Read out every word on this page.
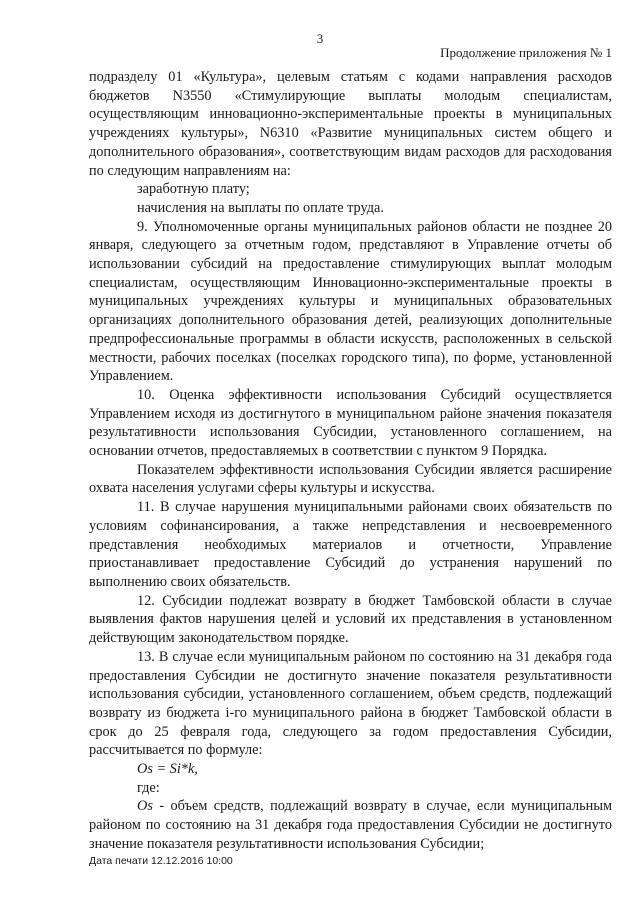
3
Продолжение приложения № 1

подразделу 01 «Культура», целевым статьям с кодами направления расходов бюджетов N3550 «Стимулирующие выплаты молодым специалистам, осуществляющим инновационно-экспериментальные проекты в муниципальных учреждениях культуры», N6310 «Развитие муниципальных систем общего и дополнительного образования», соответствующим видам расходов для расходования по следующим направлениям на:

заработную плату;

начисления на выплаты по оплате труда.

9. Уполномоченные органы муниципальных районов области не позднее 20 января, следующего за отчетным годом, представляют в Управление отчеты об использовании субсидий на предоставление стимулирующих выплат молодым специалистам, осуществляющим Инновационно-экспериментальные проекты в муниципальных учреждениях культуры и муниципальных образовательных организациях дополнительного образования детей, реализующих дополнительные предпрофессиональные программы в области искусств, расположенных в сельской местности, рабочих поселках (поселках городского типа), по форме, установленной Управлением.

10. Оценка эффективности использования Субсидий осуществляется Управлением исходя из достигнутого в муниципальном районе значения показателя результативности использования Субсидии, установленного соглашением, на основании отчетов, предоставляемых в соответствии с пунктом 9 Порядка.

Показателем эффективности использования Субсидии является расширение охвата населения услугами сферы культуры и искусства.

11. В случае нарушения муниципальными районами своих обязательств по условиям софинансирования, а также непредставления и несвоевременного представления необходимых материалов и отчетности, Управление приостанавливает предоставление Субсидий до устранения нарушений по выполнению своих обязательств.

12. Субсидии подлежат возврату в бюджет Тамбовской области в случае выявления фактов нарушения целей и условий их представления в установленном действующим законодательством порядке.

13. В случае если муниципальным районом по состоянию на 31 декабря года предоставления Субсидии не достигнуто значение показателя результативности использования субсидии, установленного соглашением, объем средств, подлежащий возврату из бюджета i-го муниципального района в бюджет Тамбовской области в срок до 25 февраля года, следующего за годом предоставления Субсидии, рассчитывается по формуле:

Os = Si*k,

где:

Os - объем средств, подлежащий возврату в случае, если муниципальным районом по состоянию на 31 декабря года предоставления Субсидии не достигнуто значение показателя результативности использования Субсидии;

Дата печати 12.12.2016 10:00
